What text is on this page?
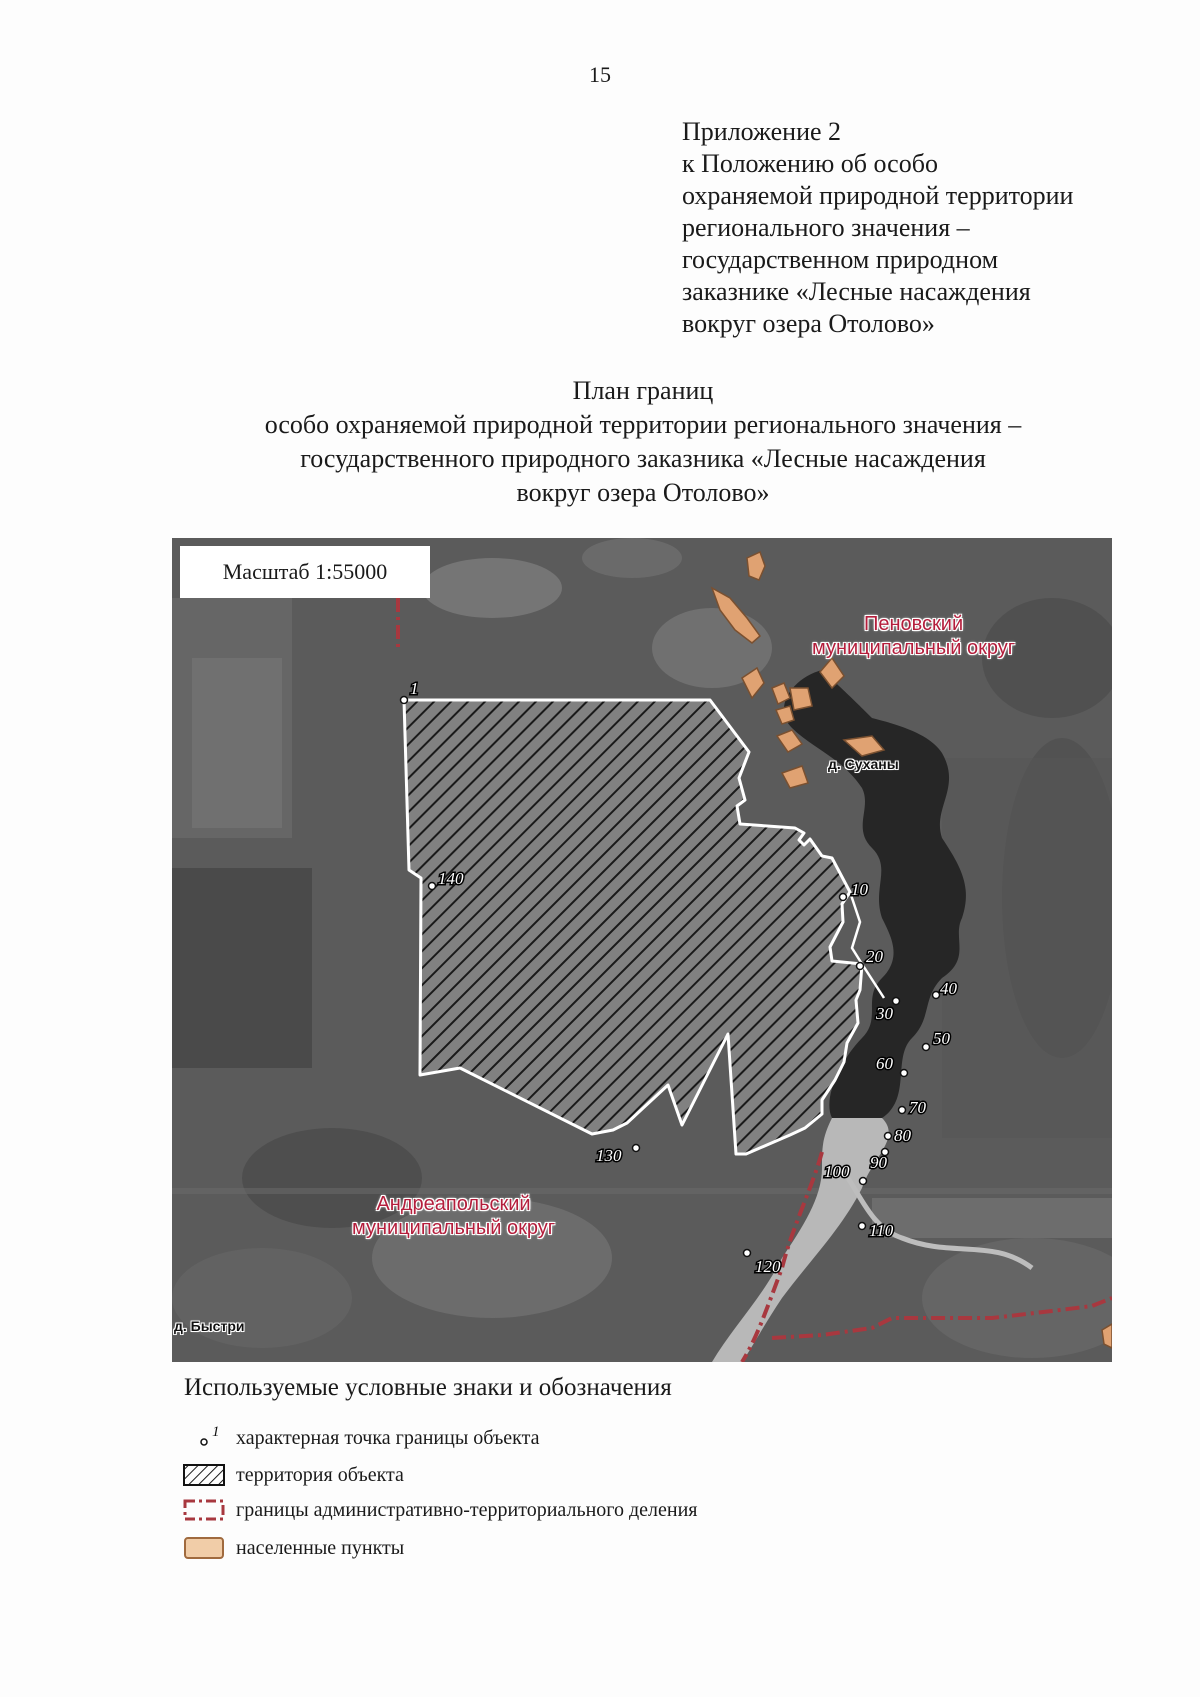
15
Приложение 2
к Положению об особо
охраняемой природной территории
регионального значения –
государственном природном
заказнике «Лесные насаждения
вокруг озера Отолово»
План границ
особо охраняемой природной территории регионального значения –
государственного природного заказника «Лесные насаждения
вокруг озера Отолово»
1
10
20
30
40
50
60
70
80
90
100
110
120
130
140
Масштаб 1:55000
Пеновский
муниципальный округ
Андреапольский
муниципальный округ
д. Суханы
д. Быстри
Используемые условные знаки и обозначения
1 характерная точка границы объекта
территория объекта
границы административно-территориального деления
населенные пункты
